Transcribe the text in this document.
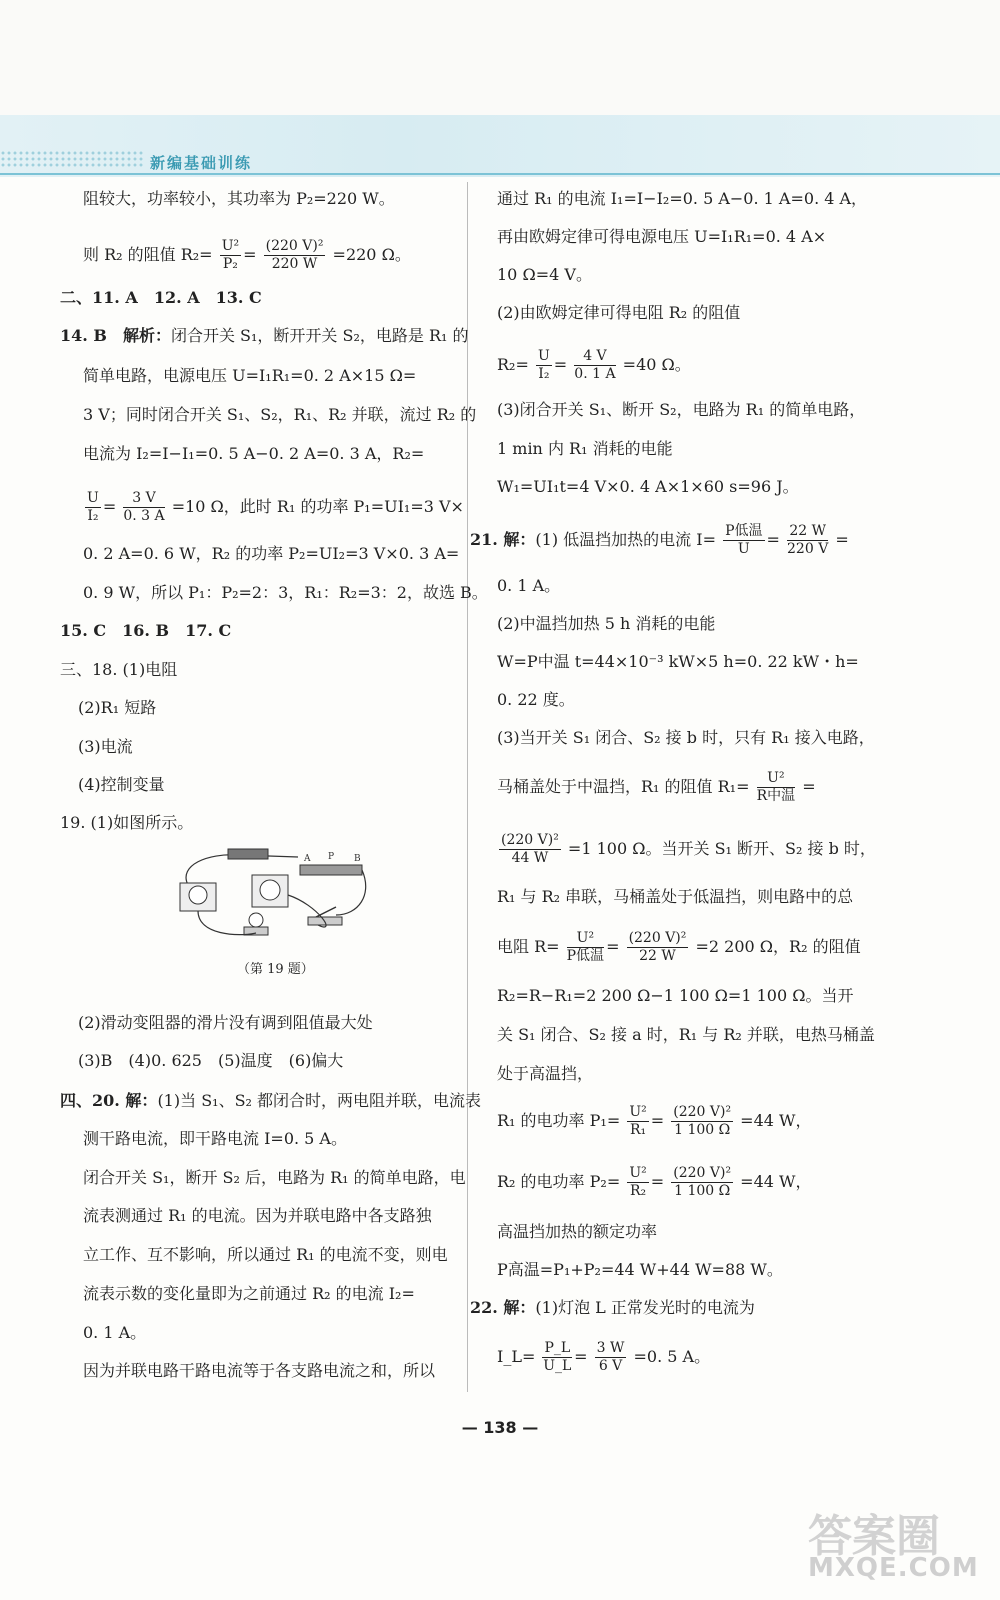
新编基础训练
阻较大，功率较小，其功率为 P₂=220 W。
则 R₂ 的阻值 $R_2= \frac{\text{U²}}{\text{P₂}} = \frac{\text{(220 V)²}}{220 W} =220$ Ω。
二、11. A　12. A　13. C
14. B　解析：闭合开关 S₁，断开开关 S₂，电路是 R₁ 的
简单电路，电源电压 U=I₁R₁=0. 2 A×15 Ω=
3 V；同时闭合开关 S₁、S₂，R₁、R₂ 并联，流过 R₂ 的
电流为 I₂=I−I₁=0. 5 A−0. 2 A=0. 3 A，R₂=
$\frac{U}{\text{I₂}} = \frac{3 V}{0. 3 A} =10$ Ω，此时 R₁ 的功率 P₁=UI₁=3 V×
0. 2 A=0. 6 W，R₂ 的功率 P₂=UI₂=3 V×0. 3 A=
0. 9 W，所以 P₁：P₂=2：3，R₁：R₂=3：2，故选 B。
15. C　16. B　17. C
三、18. (1)电阻
(2)R₁ 短路
(3)电流
(4)控制变量
19. (1)如图所示。
A P B
（第 19 题）
(2)滑动变阻器的滑片没有调到阻值最大处
(3)B　(4)0. 625　(5)温度　(6)偏大
四、20. 解：(1)当 S₁、S₂ 都闭合时，两电阻并联，电流表
测干路电流，即干路电流 I=0. 5 A。
闭合开关 S₁，断开 S₂ 后，电路为 R₁ 的简单电路，电
流表测通过 R₁ 的电流。因为并联电路中各支路独
立工作、互不影响，所以通过 R₁ 的电流不变，则电
流表示数的变化量即为之前通过 R₂ 的电流 I₂=
0. 1 A。
因为并联电路干路电流等于各支路电流之和，所以
通过 R₁ 的电流 I₁=I−I₂=0. 5 A−0. 1 A=0. 4 A，
再由欧姆定律可得电源电压 U=I₁R₁=0. 4 A×
10 Ω=4 V。
(2)由欧姆定律可得电阻 R₂ 的阻值
$R_2= \frac{U}{\text{I₂}} = \frac{4 V}{0. 1 A} =40$ Ω。
(3)闭合开关 S₁、断开 S₂，电路为 R₁ 的简单电路，
1 min 内 R₁ 消耗的电能
W₁=UI₁t=4 V×0. 4 A×1×60 s=96 J。
21. 解：(1) 低温挡加热的电流 $I= \frac{\text{P低温}}{U} = \frac{22 W}{220 V}$ =
0. 1 A。
(2)中温挡加热 5 h 消耗的电能
W=P中温 t=44×10⁻³ kW×5 h=0. 22 kW・h=
0. 22 度。
(3)当开关 S₁ 闭合、S₂ 接 b 时，只有 R₁ 接入电路，
马桶盖处于中温挡，R₁ 的阻值 $R_1= \frac{\text{U²}}{\text{R中温}}$ =
$\frac{\text{(220 V)²}}{44 W} =1$ 100 Ω。当开关 S₁ 断开、S₂ 接 b 时，
R₁ 与 R₂ 串联，马桶盖处于低温挡，则电路中的总
电阻 $R= \frac{\text{U²}}{\text{P低温}} = \frac{\text{(220 V)²}}{22 W} =2$ 200 Ω，R₂ 的阻值
R₂=R−R₁=2 200 Ω−1 100 Ω=1 100 Ω。当开
关 S₁ 闭合、S₂ 接 a 时，R₁ 与 R₂ 并联，电热马桶盖
处于高温挡，
R₁ 的电功率 $P_1= \frac{\text{U²}}{\text{R₁}} = \frac{\text{(220 V)²}}{1 100 \Omega} =44$ W，
R₂ 的电功率 $P_2= \frac{\text{U²}}{\text{R₂}} = \frac{\text{(220 V)²}}{1 100 \Omega} =44$ W，
高温挡加热的额定功率
P高温=P₁+P₂=44 W+44 W=88 W。
22. 解：(1)灯泡 L 正常发光时的电流为
I_L= $\frac{P\_L}{U\_L} = \frac{3 W}{6 V} =0$. 5 A。
— 138 —
答案圈
MXQE.COM
